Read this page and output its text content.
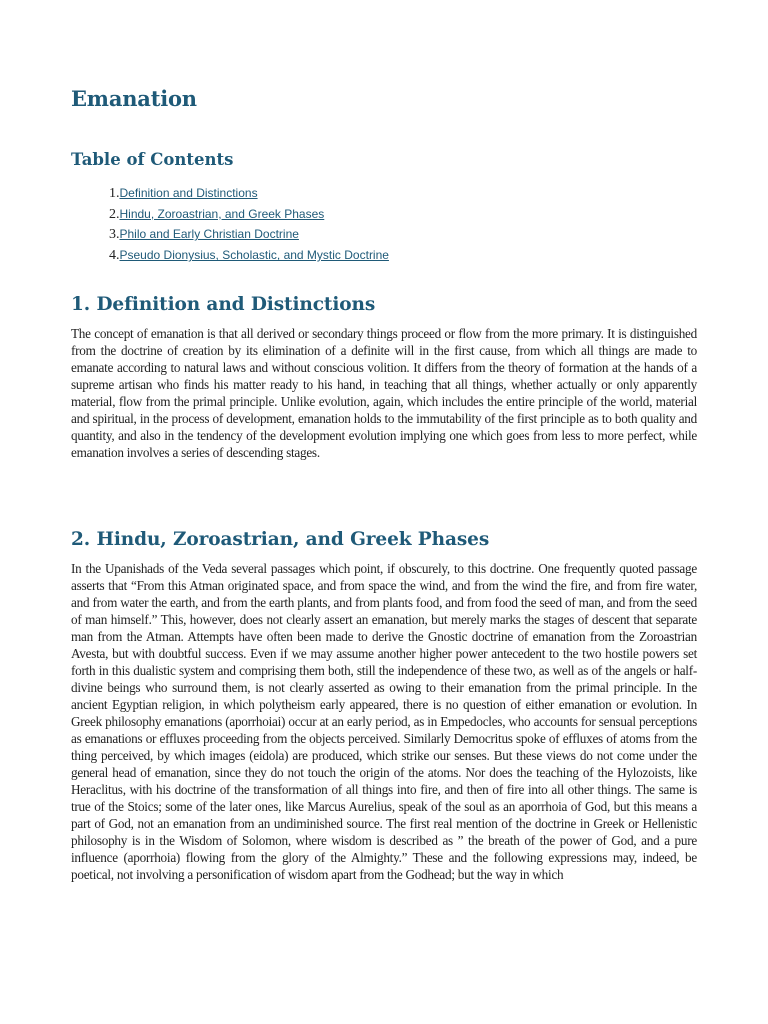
Emanation
Table of Contents
1.Definition and Distinctions
2.Hindu, Zoroastrian, and Greek Phases
3.Philo and Early Christian Doctrine
4.Pseudo Dionysius, Scholastic, and Mystic Doctrine
1. Definition and Distinctions

The concept of emanation is that all derived or secondary things proceed or flow from the more primary. It is distinguished from the doctrine of creation by its elimination of a definite will in the first cause, from which all things are made to emanate according to natural laws and without conscious volition. It differs from the theory of formation at the hands of a supreme artisan who finds his matter ready to his hand, in teaching that all things, whether actually or only apparently material, flow from the primal principle. Unlike evolution, again, which includes the entire principle of the world, material and spiritual, in the process of development, emanation holds to the immutability of the first principle as to both quality and quantity, and also in the tendency of the development evolution implying one which goes from less to more perfect, while emanation involves a series of descending stages.

2. Hindu, Zoroastrian, and Greek Phases

In the Upanishads of the Veda several passages which point, if obscurely, to this doctrine. One frequently quoted passage asserts that “From this Atman originated space, and from space the wind, and from the wind the fire, and from fire water, and from water the earth, and from the earth plants, and from plants food, and from food the seed of man, and from the seed of man himself.” This, however, does not clearly assert an emanation, but merely marks the stages of descent that separate man from the Atman. Attempts have often been made to derive the Gnostic doctrine of emanation from the Zoroastrian Avesta, but with doubtful success. Even if we may assume another higher power antecedent to the two hostile powers set forth in this dualistic system and comprising them both, still the independence of these two, as well as of the angels or half-divine beings who surround them, is not clearly asserted as owing to their emanation from the primal principle. In the ancient Egyptian religion, in which polytheism early appeared, there is no question of either emanation or evolution. In Greek philosophy emanations (aporrhoiai) occur at an early period, as in Empedocles, who accounts for sensual perceptions as emanations or effluxes proceeding from the objects perceived. Similarly Democritus spoke of effluxes of atoms from the thing perceived, by which images (eidola) are produced, which strike our senses. But these views do not come under the general head of emanation, since they do not touch the origin of the atoms. Nor does the teaching of the Hylozoists, like Heraclitus, with his doctrine of the transformation of all things into fire, and then of fire into all other things. The same is true of the Stoics; some of the later ones, like Marcus Aurelius, speak of the soul as an aporrhoia of God, but this means a part of God, not an emanation from an undiminished source. The first real mention of the doctrine in Greek or Hellenistic philosophy is in the Wisdom of Solomon, where wisdom is described as ” the breath of the power of God, and a pure influence (aporrhoia) flowing from the glory of the Almighty.” These and the following expressions may, indeed, be poetical, not involving a personification of wisdom apart from the Godhead; but the way in which
